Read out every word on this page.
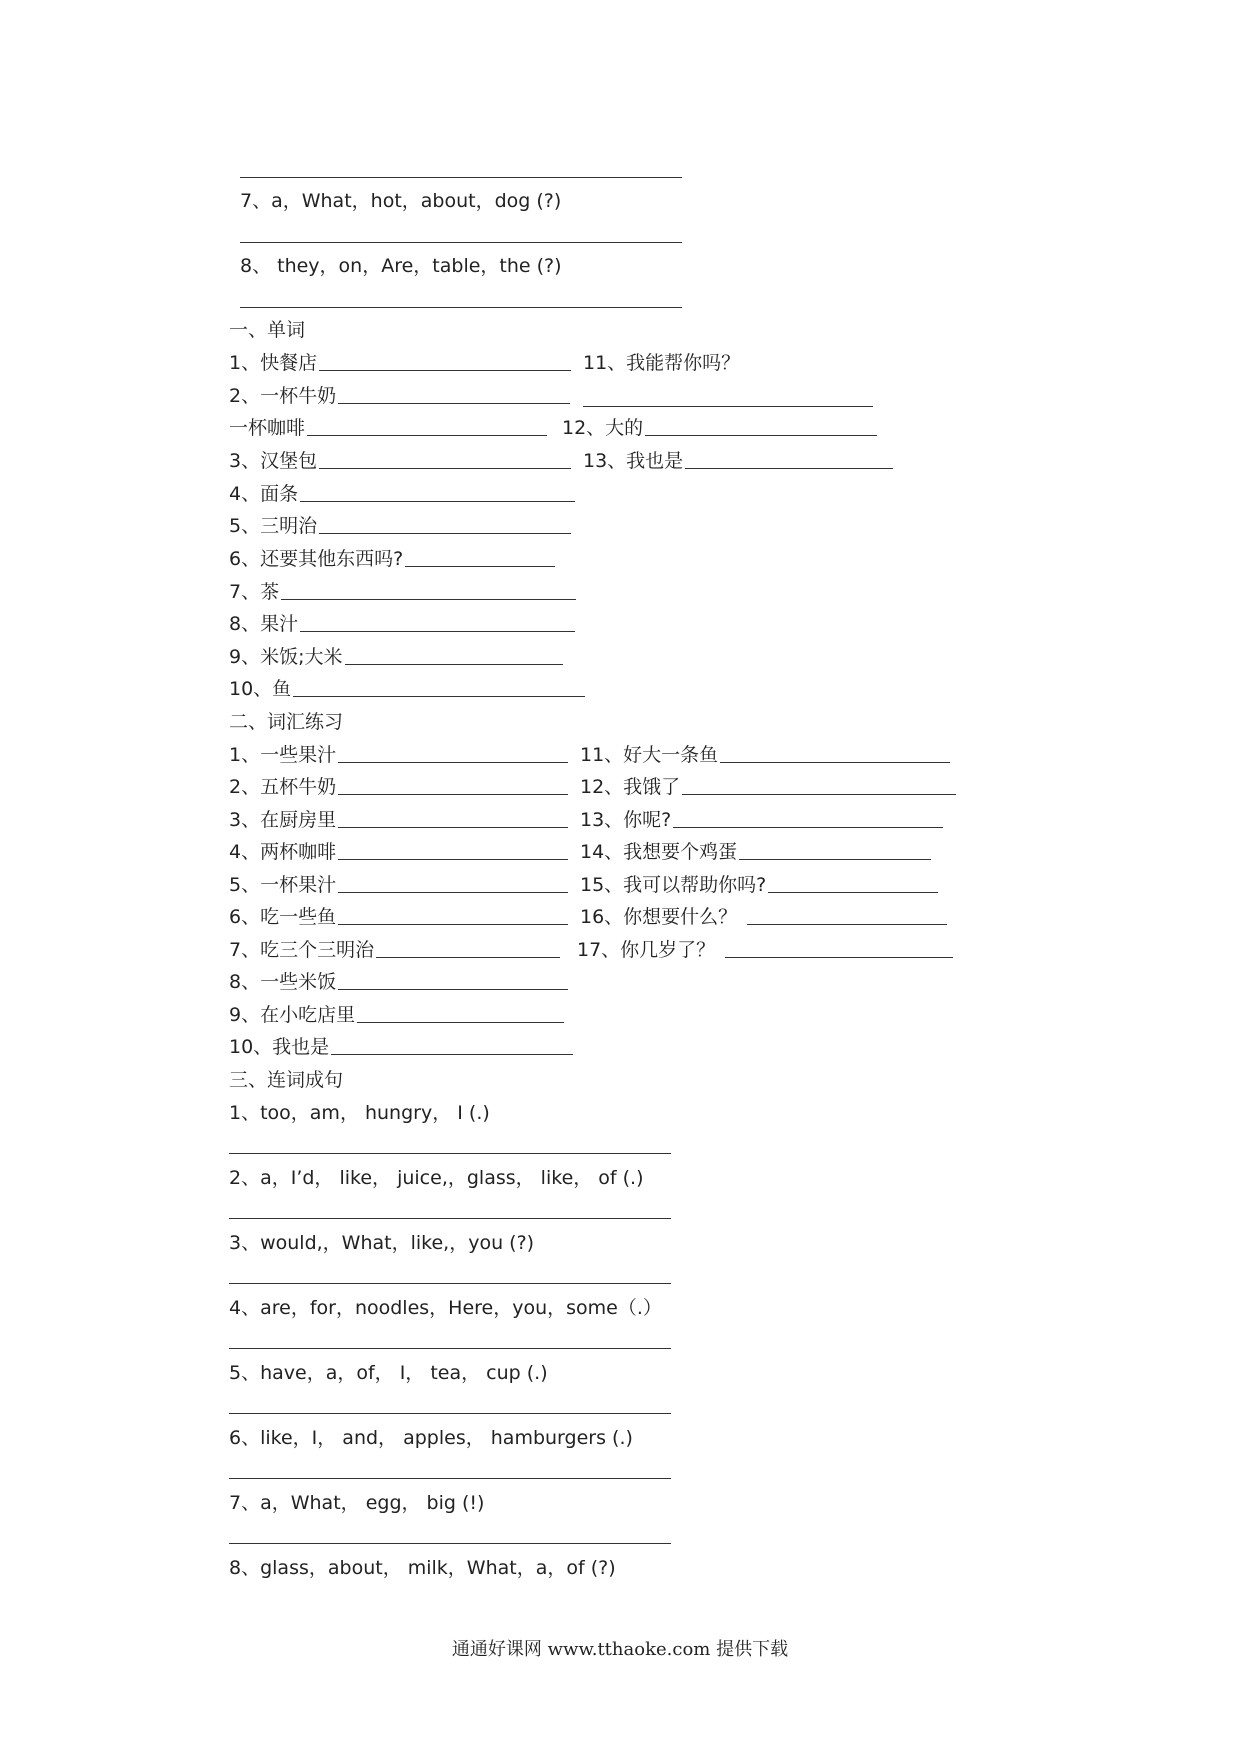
7、a，What，hot，about，dog (?)
8、 they，on，Are，table，the (?)
一、单词
1、快餐店	11、我能帮你吗？
2、一杯牛奶
一杯咖啡	12、大的
3、汉堡包	13、我也是
4、面条
5、三明治
6、还要其他东西吗?
7、茶
8、果汁
9、米饭;大米
10、鱼
二、词汇练习
1、一些果汁	11、好大一条鱼
2、五杯牛奶	12、我饿了
3、在厨房里	13、你呢?
4、两杯咖啡	14、我想要个鸡蛋
5、一杯果汁	15、我可以帮助你吗?
6、吃一些鱼	16、你想要什么？
7、吃三个三明治	17、你几岁了？
8、一些米饭
9、在小吃店里
10、我也是
三、连词成句
1、too，am， hungry， I (.)
2、a，I’d， like， juice,，glass， like， of (.)
3、would,，What，like,，you (?)
4、are，for，noodles，Here，you，some（.）
5、have，a，of， I， tea， cup (.)
6、like，I， and， apples， hamburgers (.)
7、a，What， egg， big (!)
8、glass，about， milk，What，a，of (?)
通通好课网 www.tthaoke.com 提供下载
